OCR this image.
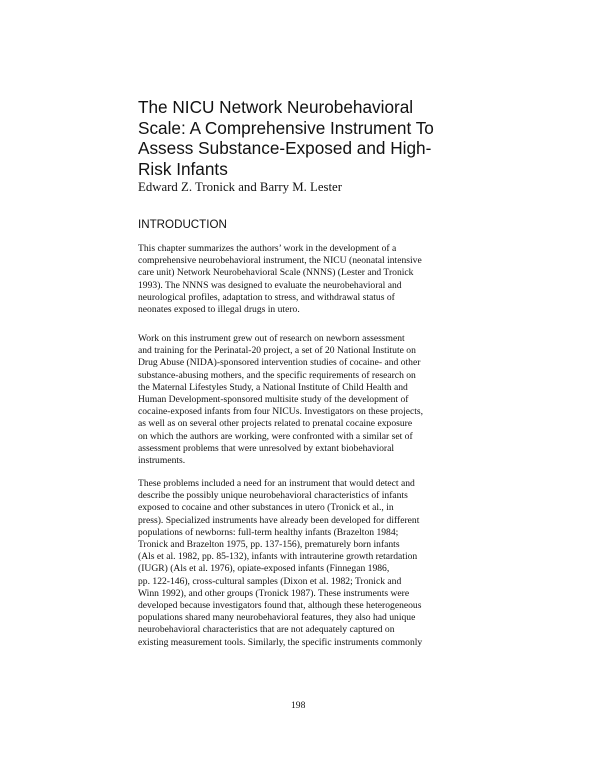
The NICU Network Neurobehavioral
Scale: A Comprehensive Instrument To
Assess Substance-Exposed and High-
Risk Infants
Edward Z. Tronick and Barry M. Lester
INTRODUCTION

This chapter summarizes the authors’ work in the development of a
comprehensive neurobehavioral instrument, the NICU (neonatal intensive
care unit) Network Neurobehavioral Scale (NNNS) (Lester and Tronick
1993). The NNNS was designed to evaluate the neurobehavioral and
neurological profiles, adaptation to stress, and withdrawal status of
neonates exposed to illegal drugs in utero.

Work on this instrument grew out of research on newborn assessment
and training for the Perinatal-20 project, a set of 20 National Institute on
Drug Abuse (NIDA)-sponsored intervention studies of cocaine- and other
substance-abusing mothers, and the specific requirements of research on
the Maternal Lifestyles Study, a National Institute of Child Health and
Human Development-sponsored multisite study of the development of
cocaine-exposed infants from four NICUs. Investigators on these projects,
as well as on several other projects related to prenatal cocaine exposure
on which the authors are working, were confronted with a similar set of
assessment problems that were unresolved by extant biobehavioral
instruments.

These problems included a need for an instrument that would detect and
describe the possibly unique neurobehavioral characteristics of infants
exposed to cocaine and other substances in utero (Tronick et al., in
press). Specialized instruments have already been developed for different
populations of newborns: full-term healthy infants (Brazelton 1984;
Tronick and Brazelton 1975, pp. 137-156), prematurely born infants
(Als et al. 1982, pp. 85-132), infants with intrauterine growth retardation
(IUGR) (Als et al. 1976), opiate-exposed infants (Finnegan 1986,
pp. 122-146), cross-cultural samples (Dixon et al. 1982; Tronick and
Winn 1992), and other groups (Tronick 1987). These instruments were
developed because investigators found that, although these heterogeneous
populations shared many neurobehavioral features, they also had unique
neurobehavioral characteristics that are not adequately captured on
existing measurement tools. Similarly, the specific instruments commonly

198
